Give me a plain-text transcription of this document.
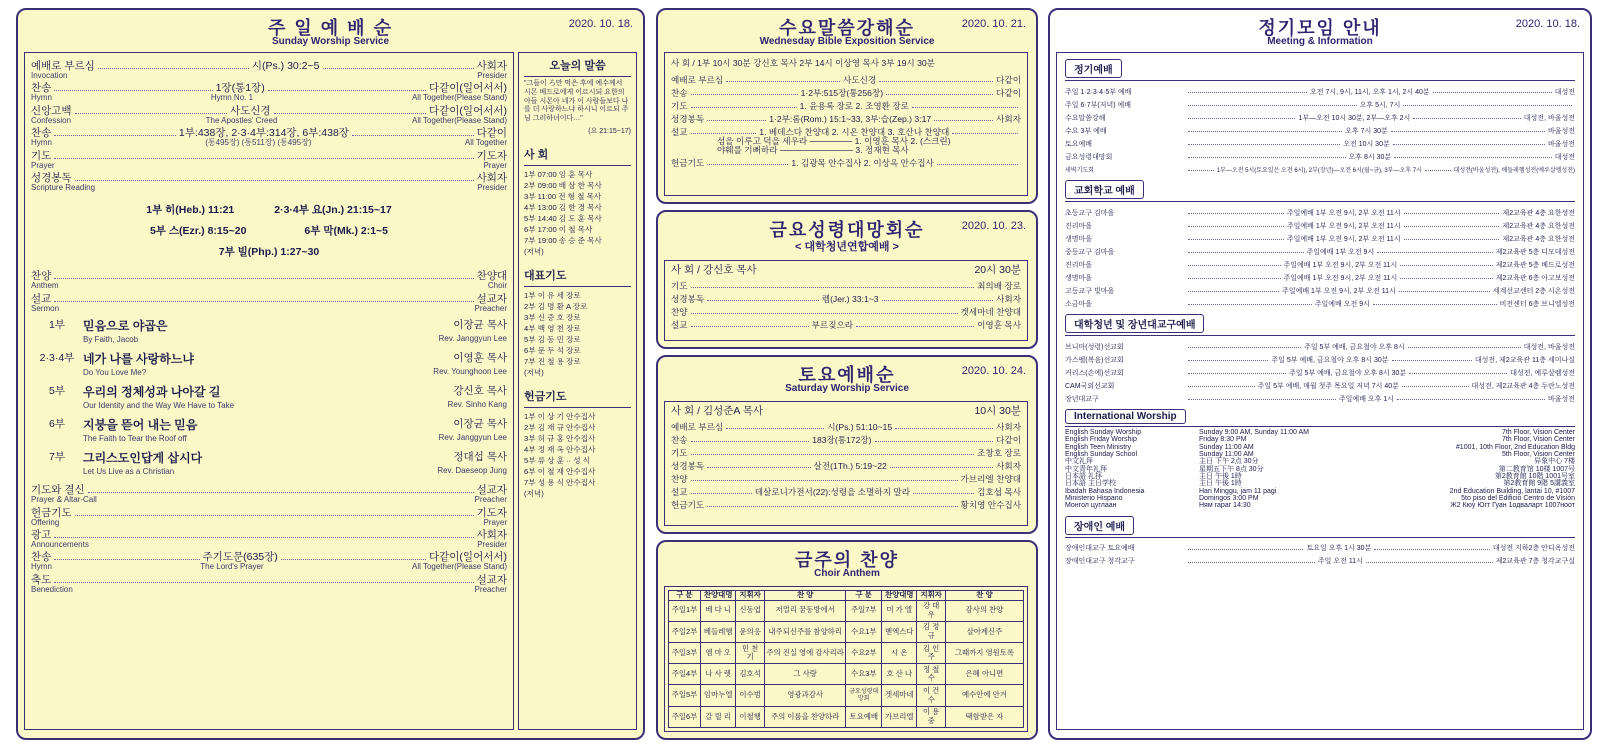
주 일 예 배 순
Sunday Worship Service
2020. 10. 18.
예배로 부르심	시(Ps.) 30:2~5	사회자
Invocation	Presider
찬송	1장(통1장)	다같이(일어서서)
Hymn	Hymn No. 1	All Together(Please Stand)
신앙고백	사도신경	다같이(일어서서)
Confession	The Apostles' Creed	All Together(Please Stand)
찬송	1부:438장, 2·3·4부:314장, 6부:438장	다같이
Hymn	(통495장) (통511장) (통495장)	All Together
기도	기도자
Prayer	Prayer
성경봉독	사회자
Scripture Reading	Presider
1부 히(Heb.) 11:21	2·3·4부 요(Jn.) 21:15~17
5부 스(Ezr.) 8:15~20	6부 막(Mk.) 2:1~5
7부 빌(Php.) 1:27~30
찬양	찬양대
Anthem	Choir
설교	설교자
Sermon	Preacher
1부	믿음으로 야곱은	이장균 목사

By Faith, Jacob	Rev. Janggyun Lee
2·3·4부 네가 나를 사랑하느냐	이영훈 목사

Do You Love Me?	Rev. Younghoon Lee
5부	우리의 정체성과 나아갈 길	강신호 목사

Our Identity and the Way We Have to Take	Rev. Sinho Kang
6부	지붕을 뜯어 내는 믿음	이장균 목사

The Faith to Tear the Roof off	Rev. Janggyun Lee
7부	그리스도인답게 삽시다	정대섭 목사

Let Us Live as a Christian	Rev. Daeseop Jung
기도와 결신	설교자
Prayer & Altar-Call	Preacher
헌금기도	기도자
Offering	Prayer
광고	사회자
Announcements	Presider
찬송	주기도문(635장)	다같이(일어서서)
Hymn	The Lord's Prayer	All Together(Please Stand)
축도	설교자
Benediction	Preacher
오늘의 말씀
"그들이 ろ만 먹은 후에 예수께서 시몬 베드로에게 이르시되 요한의 아들 시몬아 네가 이 사람들보다 나를 더 사랑하느냐 하시니 이르되 주님 그러하녀이다…"
(요 21:15~17)
사 회
1부 07:00 임 훈 목사
2부 09:00 배 삼 한 목사
3부 11:00 전 형 철 목사
4부 13:00 김 한 경 목사
5부 14:40 김 도 훈 목사
6부 17:00 이 철 목사
7부 19:00 송 승 준 목사
(저녁)
대표기도
1부 이 유 세 장로
2부 김 명 환 A 장로
3부 신 증 호 장로
4부 백 영 천 장로
5부 김 동 민 장로
6부 문 두 석 장로
7부 진 철 용 장로
(저녁)
헌금기도
1부 이 상 기 안수집사
2부 김 재 규 안수집사
3부 허 규 홍 안수집사
4부 정 재 옥 안수집사
5부 류 상 훈 ·· 성 식
6부 이 철 재 안수집사
7부 성 용 식 안수집사
(저녁)
수요말씀강해순
Wednesday Bible Exposition Service
2020. 10. 21.
사 회 / 1부 10시 30분 강신호 목사 2부 14시 이상영 목사 3부 19시 30분
예배로 부르심	사도신경	다같이
찬송	1·2부:515장(통256장)	다같이
기도	1. 윤용록 장로 2. 조영환 장로
성경봉독	1·2부:롬(Rom.) 15:1~33, 3부:습(Zep.) 3:17	사회자
설교	1. 베데스다 찬양대 2. 시온 찬양대 3. 호산나 찬양대
섬을 이루고 덕을 세우라 ─────── 1. 이영훈 목사 2. (스크린)
야훼를 기뻐하라 ──────────── 3. 정재현 목사
헌금기도	1. 김광목 안수집사 2. 이상옥 안수집사
금요성령대망회순
< 대학청년연합예배 >
2020. 10. 23.
사 회 / 강신호 목사	20시 30분
기도	최의배 장로
성경봉독	렘(Jer.) 33:1~3	사회자
찬양	겟세마네 찬양대
설교	부르짖으라	이영훈 목사
토요예배순
Saturday Worship Service
2020. 10. 24.
사 회 / 김성준A 목사	10시 30분
예배로 부르심	시(Ps.) 51:10~15	사회자
찬송	183장(통172장)	다같이
기도	조창호 장로
성경봉독	살전(1Th.) 5:19~22	사회자
찬양	가브리엘 찬양대
설교	데살로니가전서(22):성령을 소멸하지 말라	김호섭 목사
헌금기도	황치영 안수집사
금주의 찬양
Choir Anthem
구 분	찬양대명	지휘자	찬 양	구 분	찬양대명	지휘자	찬 양
주일1부	베 다 니	신동엽	저멀리 꿈동방에서	주일7부	미 가 엘	강 대 우	감사의 찬양
주일2부	베들레햄	윤의응	내주되신주를 참양하리	수요1부	벧엑스다	김 정 규	살아계신주
주일3부	엠 마 오	민 천 기	주의 진실 영에 감사리라	수요2부	시 온	김 인 주	그때까지 영원토록
주일4부	나 사 렛	김호석	그 사랑	수요3부	호 산 나	정 철 수	은혜 아니면
주일5부	임마누엘	이수범	영광과감사	금요성령대망회	겟세마네	이 건 수	예수안에 안겨
주일6부	갈 릴 리	이철행	주의 이름을 찬양하라	토요예배	가브리엘	이 용 중	택함받은 자
정기모임 안내
Meeting & Information
2020. 10. 18.
정기예배
주일 1·2·3·4·5부 예배	오전 7시, 9시, 11시, 오후 1시, 2시 40분	대성전
주일 6·7부(저녁) 예배	오후 5시, 7시
수요말씀강해	1부—오전 10시 30분, 2부—오후 2시	대성전, 바울성전
수요 3부 예배	오후 7시 30분	바울성전
토요예배	오전 10시 30분	바울성전
금요성령대망회	오후 8시 30분	대성전
새벽기도회	1부—오전 5시(토요일은 오전 6시), 2부(장년)—오전 6시(월~금), 3부—오후 7시	대성전(바울성전), 베들레헴성전(예루살렘성전)
교회학교 예배
초등교구 김마을	주일예배 1부 오전 9시, 2부 오전 11시	제2교육관 4층 요한성전
진리마을	주일예배 1부 오전 9시, 2부 오전 11시	제2교육관 4층 요한성전
생명마을	주일예배 1부 오전 9시, 2부 오전 11시	제2교육관 4층 요한성전
중등교구 김마을	주일예배 1부 오전 9시	제2교육관 5층 디모데성전
진리마을	주일예배 1부 오전 9시, 2부 오전 11시	제2교육관 5층 베드로성전
생명마을	주일예배 1부 오전 9시, 2부 오전 11시	제2교육관 6층 아고보성전
고등교구 빛마을	주일예배 1부 오전 9시, 2부 오전 11시	세계선교센터 2층 시온성전
소금마을	주일예배 오전 9시	비전센터 6층 브니엘성전
대학청년 및 장년대교구예배
브니마(성령)선교회	주일 5부 예배, 금요철야 오후 8시	대성전, 바울성전
가스펠(복음)선교회	주일 5부 예배, 금요철야 오후 8시 30분	대성전, 제2교육관 11층 세미나실
커리스(손에)선교회	주일 5부 예배, 금요철야 오후 8시 30분	대성전, 예루살렘성전
CAM국외선교회	주일 5부 예배, 매월 첫주 목요일 저녁 7시 40분	대성전, 제2교육관 4층 두란노성전
장년대교구	주일예배 오후 1시	바울성전
International Worship
English Sunday Worship	Sunday 9:00 AM, Sunday 11:00 AM	7th Floor, Vision Center
English Friday Worship	Friday 8:30 PM	7th Floor, Vision Center
English Teen Ministry	Sunday 11:00 AM	#1001, 10th Floor, 2nd Education Bldg
English Sunday School	Sunday 11:00 AM	5th Floor, Vision Center
中文礼拜	主日 下午 2点 30分	异象中心 7楼
中文青年礼拜	星期五下午 8点 30分	第二教育馆 10楼 1007号
日本語 礼拝	主日 午後 1時	第2教育館 10階 1001号室
日本語 主日学校	主日 午後 1時	第2教育館 9階 5講義室
Ibadah Bahasa Indonesia	Hari Minggu, jam 11 pagi	2nd Education Building, lantai 10, #1007
Ministerio Hispano	Domingos 3:00 PM	5to piso del Edificio Centro de Visión
Монгол цуглаан	Ням гараг 14:30	Ж2 Кюу Югт Гуан 1одваларт 1007ноот
장애인 예배
장애인대교구 토요예배	토요일 오후 1시 30분	대성전 지하2층 안디옥성전
장애인대교구 청각교구	주일 오전 11시	제2교육관 7층 청각교구실
